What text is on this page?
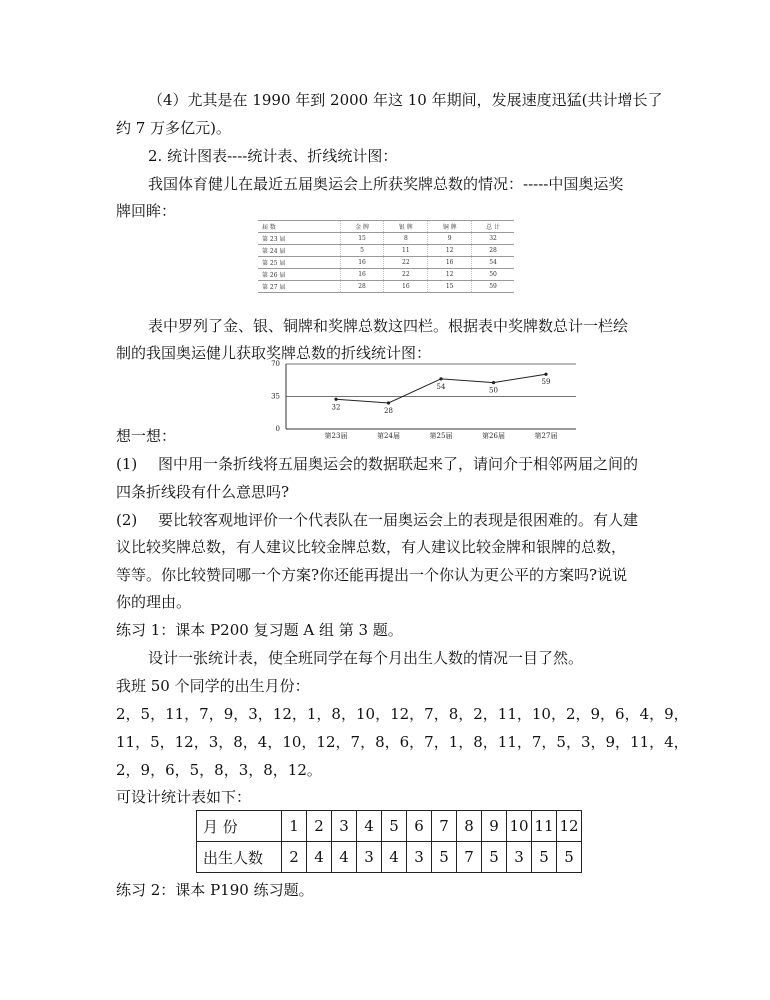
（4）尤其是在 1990 年到 2000 年这 10 年期间，发展速度迅猛(共计增长了
约 7 万多亿元)。
2. 统计图表----统计表、折线统计图：
我国体育健儿在最近五届奥运会上所获奖牌总数的情况：-----中国奥运奖
牌回眸：
届 数	金 牌	银 牌	铜 牌	总 计
第 23 届	15	8	9	32
第 24 届	5	11	12	28
第 25 届	16	22	16	54
第 26 届	16	22	12	50
第 27 届	28	16	15	59
表中罗列了金、银、铜牌和奖牌总数这四栏。根据表中奖牌数总计一栏绘
制的我国奥运健儿获取奖牌总数的折线统计图：
70
35
0
32	28
54	50
59
第23届	第24届	第25届	第26届	第27届
想一想：
(1) 图中用一条折线将五届奥运会的数据联起来了，请问介于相邻两届之间的
四条折线段有什么意思吗?
(2) 要比较客观地评价一个代表队在一届奥运会上的表现是很困难的。有人建
议比较奖牌总数，有人建议比较金牌总数，有人建议比较金牌和银牌的总数，
等等。你比较赞同哪一个方案?你还能再提出一个你认为更公平的方案吗?说说
你的理由。
练习 1：课本 P200 复习题 A 组 第 3 题。
设计一张统计表，使全班同学在每个月出生人数的情况一目了然。
我班 50 个同学的出生月份：
2，5，11，7，9，3，12，1，8，10，12，7，8，2，11，10，2，9，6，4，9，
11，5，12，3，8，4，10，12，7，8，6，7，1，8，11，7，5，3，9，11，4，
2，9，6，5，8，3，8，12。
可设计统计表如下：
月 份	1	2	3	4	5	6	7	8	9	10	11	12
出生人数	2	4	4	3	4	3	5	7	5	3	5	5
练习 2：课本 P190 练习题。
